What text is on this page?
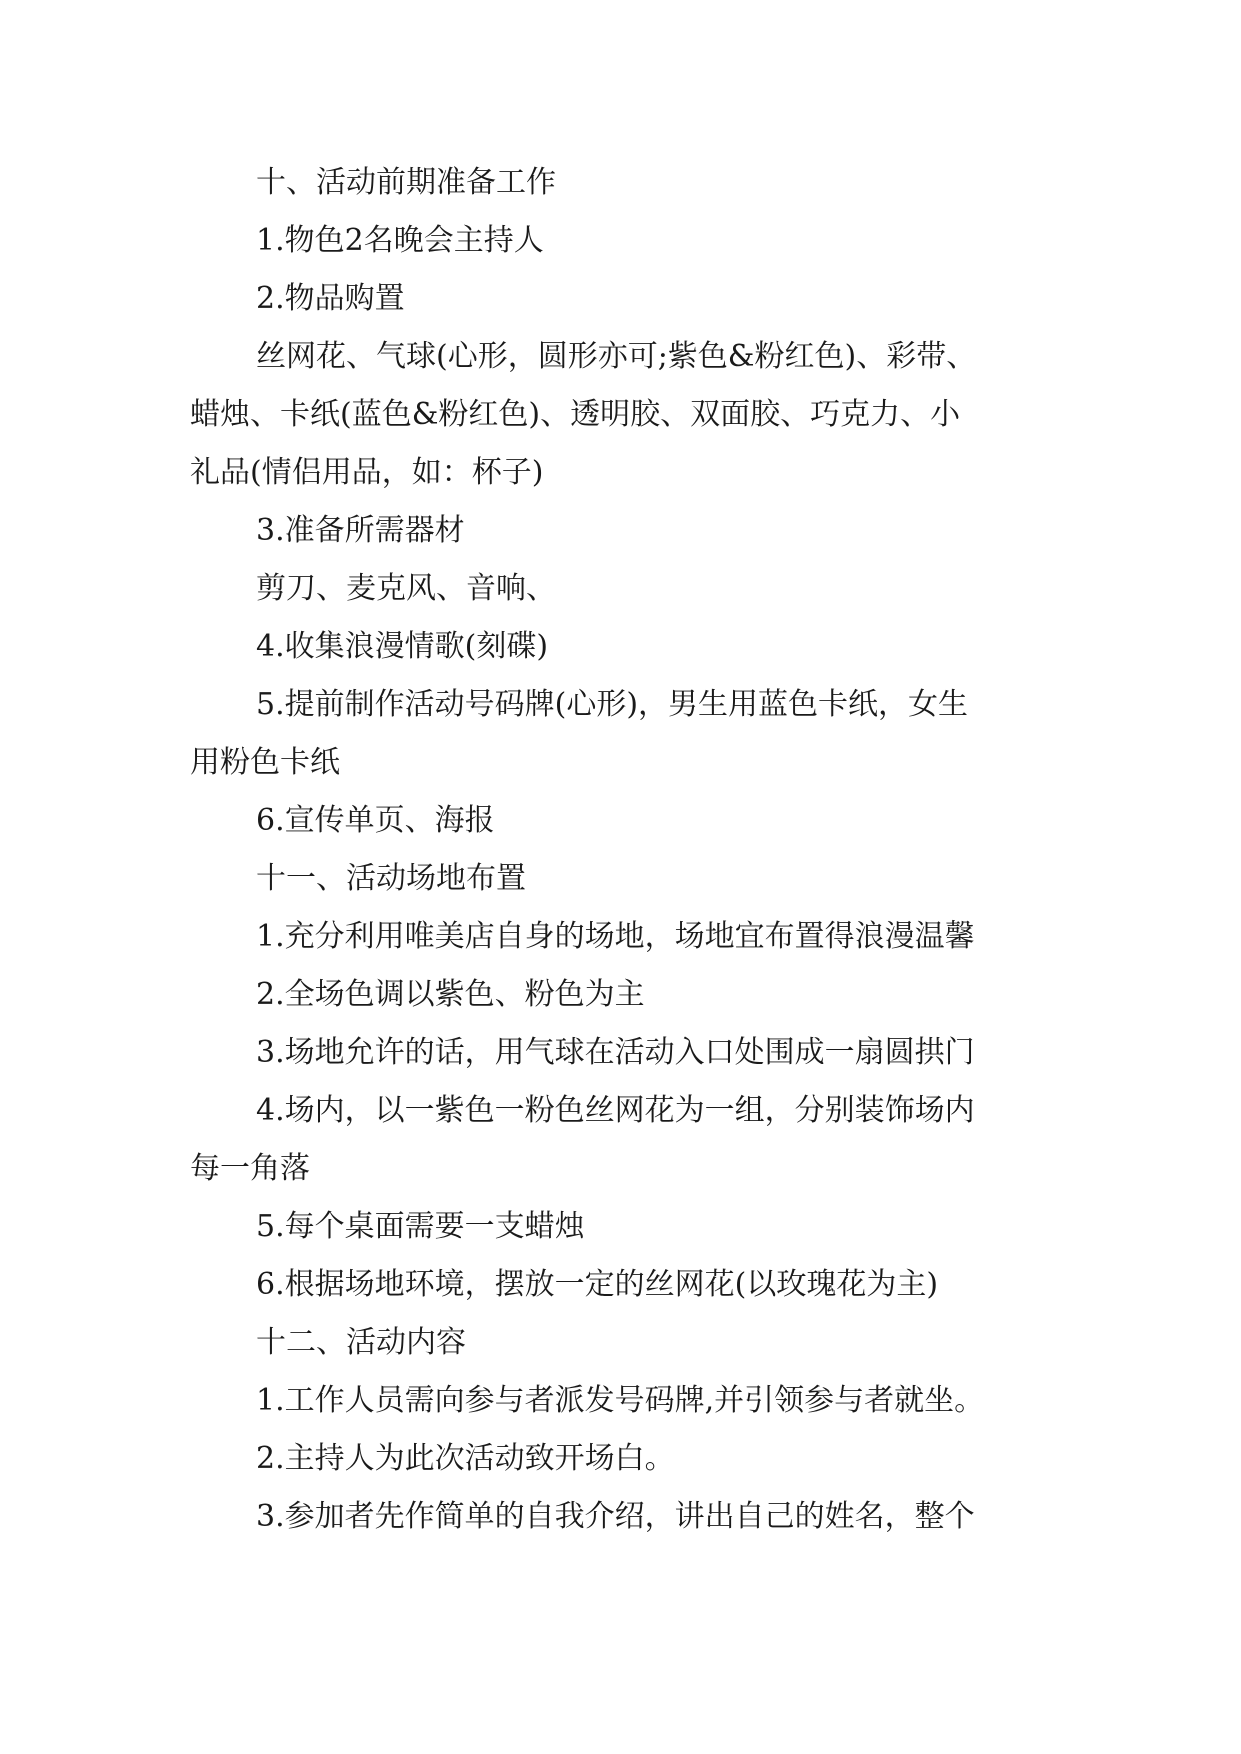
十、活动前期准备工作
1.物色2名晚会主持人
2.物品购置
丝网花、气球(心形，圆形亦可;紫色&粉红色)、彩带、
蜡烛、卡纸(蓝色&粉红色)、透明胶、双面胶、巧克力、小
礼品(情侣用品，如：杯子)
3.准备所需器材
剪刀、麦克风、音响、
4.收集浪漫情歌(刻碟)
5.提前制作活动号码牌(心形)，男生用蓝色卡纸，女生
用粉色卡纸
6.宣传单页、海报
十一、活动场地布置
1.充分利用唯美店自身的场地，场地宜布置得浪漫温馨
2.全场色调以紫色、粉色为主
3.场地允许的话，用气球在活动入口处围成一扇圆拱门
4.场内，以一紫色一粉色丝网花为一组，分别装饰场内
每一角落
5.每个桌面需要一支蜡烛
6.根据场地环境，摆放一定的丝网花(以玫瑰花为主)
十二、活动内容
1.工作人员需向参与者派发号码牌,并引领参与者就坐。
2.主持人为此次活动致开场白。
3.参加者先作简单的自我介绍，讲出自己的姓名，整个
